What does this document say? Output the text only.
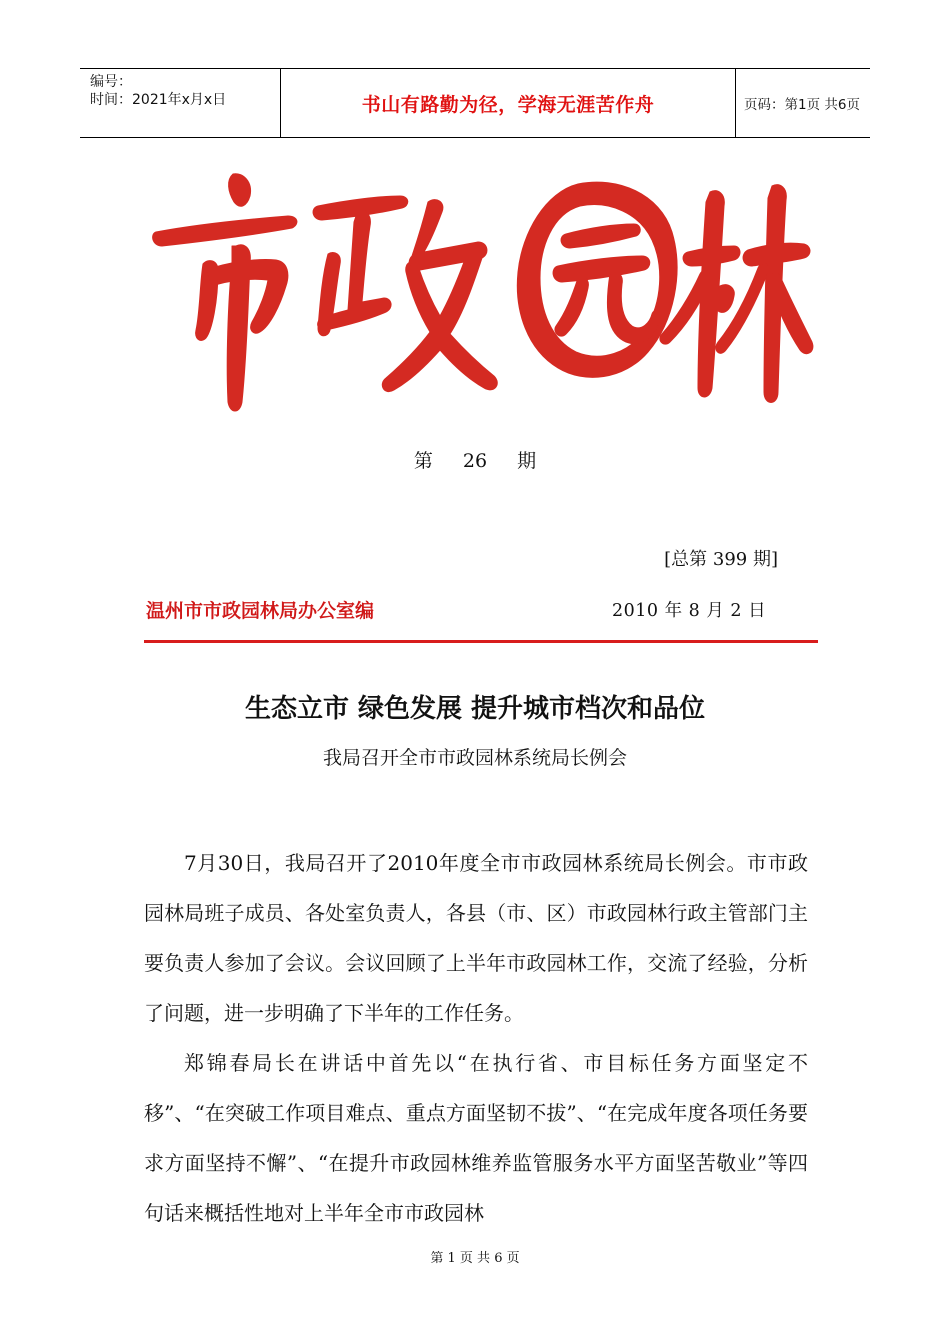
编号：
时间：2021年x月x日	书山有路勤为径，学海无涯苦作舟	页码：第1页 共6页
第 26 期
[总第 399 期]
温州市市政园林局办公室编	2010 年 8 月 2 日
生态立市 绿色发展 提升城市档次和品位
我局召开全市市政园林系统局长例会

7月30日，我局召开了2010年度全市市政园林系统局长例会。市市政园林局班子成员、各处室负责人，各县（市、区）市政园林行政主管部门主要负责人参加了会议。会议回顾了上半年市政园林工作，交流了经验，分析了问题，进一步明确了下半年的工作任务。

郑锦春局长在讲话中首先以“在执行省、市目标任务方面坚定不移”、“在突破工作项目难点、重点方面坚韧不拔”、“在完成年度各项任务要求方面坚持不懈”、“在提升市政园林维养监管服务水平方面坚苦敬业”等四句话来概括性地对上半年全市市政园林

第 1 页 共 6 页
